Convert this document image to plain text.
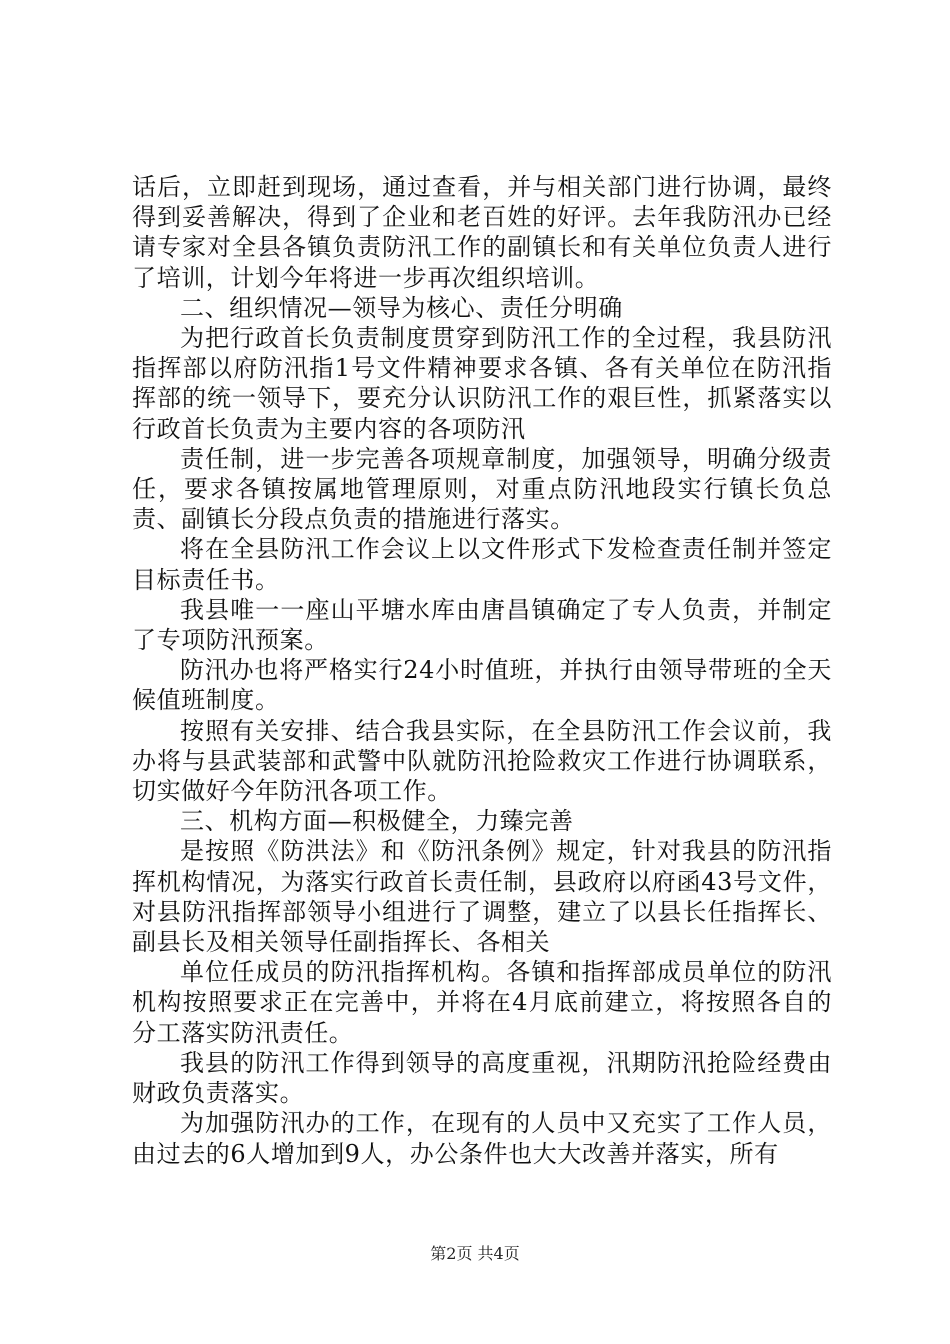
话后，立即赶到现场，通过查看，并与相关部门进行协调，最终得到妥善解决，得到了企业和老百姓的好评。去年我防汛办已经请专家对全县各镇负责防汛工作的副镇长和有关单位负责人进行了培训，计划今年将进一步再次组织培训。

二、组织情况—领导为核心、责任分明确

为把行政首长负责制度贯穿到防汛工作的全过程，我县防汛指挥部以府防汛指1号文件精神要求各镇、各有关单位在防汛指挥部的统一领导下，要充分认识防汛工作的艰巨性，抓紧落实以行政首长负责为主要内容的各项防汛

责任制，进一步完善各项规章制度，加强领导，明确分级责任，要求各镇按属地管理原则，对重点防汛地段实行镇长负总责、副镇长分段点负责的措施进行落实。

将在全县防汛工作会议上以文件形式下发检查责任制并签定目标责任书。

我县唯一一座山平塘水库由唐昌镇确定了专人负责，并制定了专项防汛预案。

防汛办也将严格实行24小时值班，并执行由领导带班的全天候值班制度。

按照有关安排、结合我县实际，在全县防汛工作会议前，我办将与县武装部和武警中队就防汛抢险救灾工作进行协调联系，切实做好今年防汛各项工作。

三、机构方面—积极健全，力臻完善

是按照《防洪法》和《防汛条例》规定，针对我县的防汛指挥机构情况，为落实行政首长责任制，县政府以府函43号文件，对县防汛指挥部领导小组进行了调整，建立了以县长任指挥长、副县长及相关领导任副指挥长、各相关

单位任成员的防汛指挥机构。各镇和指挥部成员单位的防汛机构按照要求正在完善中，并将在4月底前建立，将按照各自的分工落实防汛责任。

我县的防汛工作得到领导的高度重视，汛期防汛抢险经费由财政负责落实。

为加强防汛办的工作，在现有的人员中又充实了工作人员，由过去的6人增加到9人，办公条件也大大改善并落实，所有

第2页 共4页
